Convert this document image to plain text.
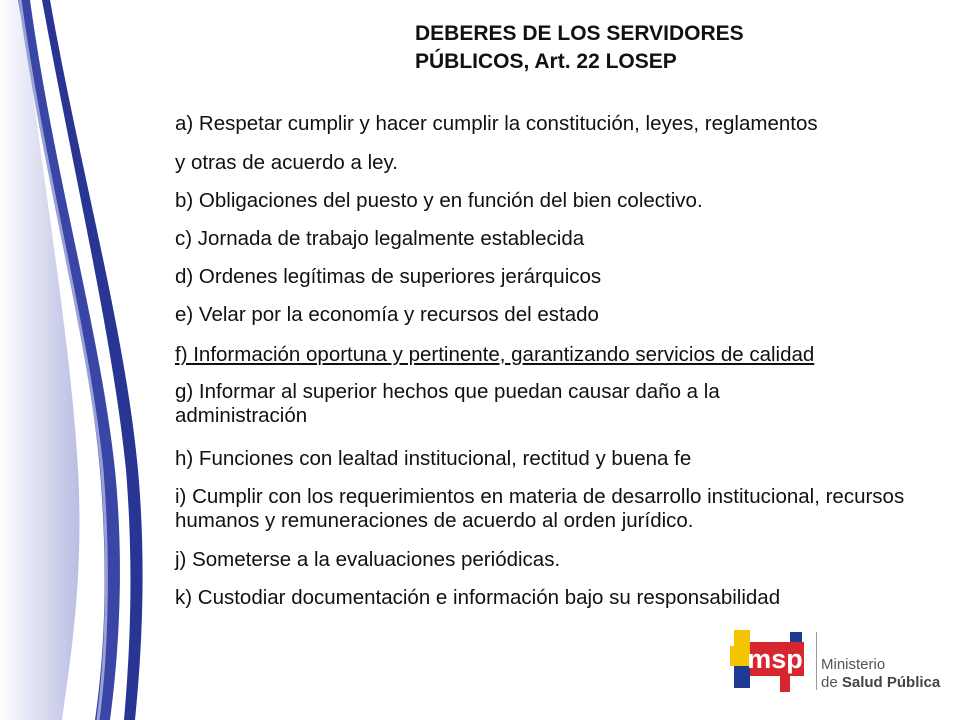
DEBERES DE LOS SERVIDORES
PÚBLICOS, Art. 22 LOSEP
a) Respetar cumplir y hacer cumplir la constitución, leyes, reglamentos
y otras de acuerdo a ley.
b) Obligaciones del puesto y en función del bien colectivo.
c) Jornada de trabajo legalmente establecida
d) Ordenes legítimas de superiores jerárquicos
e) Velar por la economía y recursos del estado
f) Información oportuna y pertinente, garantizando servicios de calidad
g) Informar al superior hechos que puedan causar daño a la administración
h) Funciones con lealtad institucional, rectitud y buena fe
i) Cumplir con los requerimientos en materia de desarrollo institucional, recursos humanos y remuneraciones de acuerdo al orden jurídico.
j) Someterse a la evaluaciones periódicas.
k) Custodiar documentación e información bajo su responsabilidad
msp Ministerio
de Salud Pública
